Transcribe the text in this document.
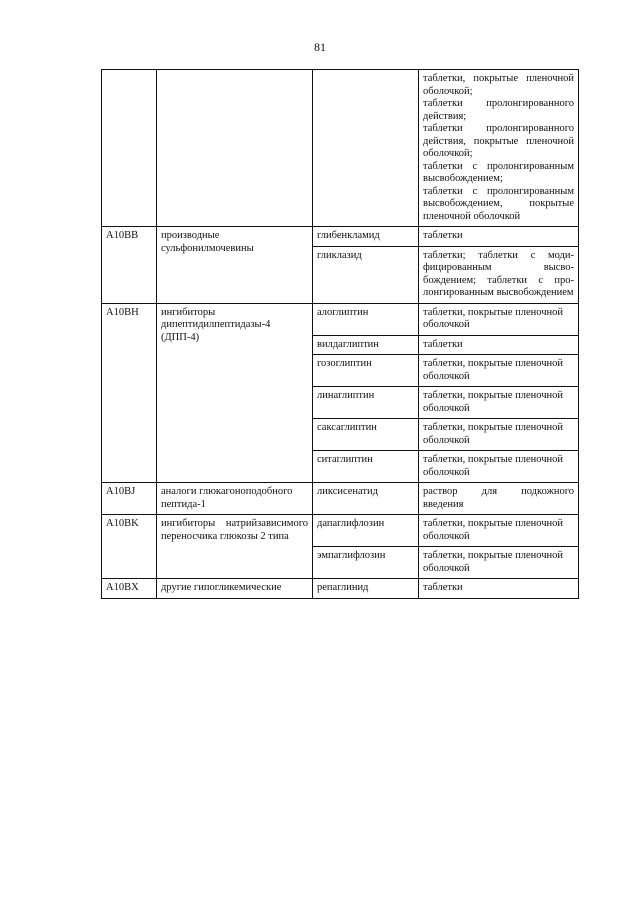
81

			таблетки, покрытые пленочной оболочкой;
таблетки пролонгированного действия;
таблетки пролонгированного действия, покрытые пленочной оболочкой;
таблетки с пролонгированным высвобождением;
таблетки с пролонгированным высвобождением, покрытые пленочной оболочкой

A10BB	производные сульфонилмочевины	глибенкламид	таблетки
		гликлазид	таблетки; таблетки с моди-фицированным высво-бождением; таблетки с про-лонгированным высвобождением
A10BH	ингибиторы дипептидилпептидазы-4 (ДПП-4)	алоглиптин	таблетки, покрытые пленочной оболочкой
		вилдаглиптин	таблетки
		гозоглиптин	таблетки, покрытые пленочной оболочкой
		линаглиптин	таблетки, покрытые пленочной оболочкой
		саксаглиптин	таблетки, покрытые пленочной оболочкой
		ситаглиптин	таблетки, покрытые пленочной оболочкой
A10BJ	аналоги глюкагоноподобного пептида-1	ликсисенатид	раствор для подкожного введения
A10BK	ингибиторы натрийзависимого переносчика глюкозы 2 типа	дапаглифлозин	таблетки, покрытые пленочной оболочкой
		эмпаглифлозин	таблетки, покрытые пленочной оболочкой
A10BX	другие гипогликемические	репаглинид	таблетки
